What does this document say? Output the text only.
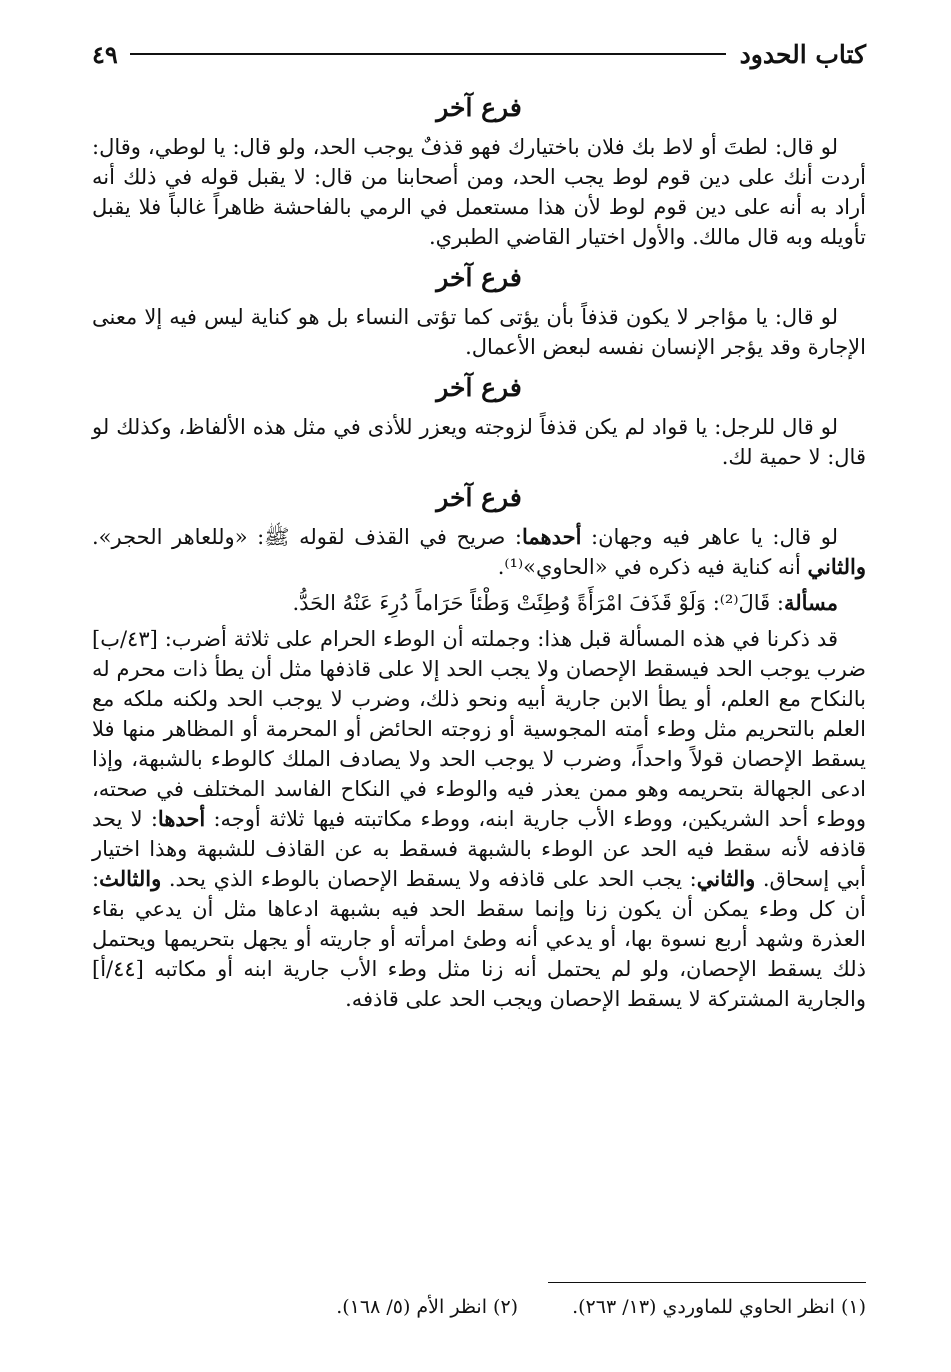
كتاب الحدود
٤٩
فرع آخر

لو قال: لطتَ أو لاط بك فلان باختيارك فهو قذفٌ يوجب الحد، ولو قال: يا لوطي، وقال: أردت أنك على دين قوم لوط يجب الحد، ومن أصحابنا من قال: لا يقبل قوله في ذلك أنه أراد به أنه على دين قوم لوط لأن هذا مستعمل في الرمي بالفاحشة ظاهراً غالباً فلا يقبل تأويله وبه قال مالك. والأول اختيار القاضي الطبري.

فرع آخر

لو قال: يا مؤاجر لا يكون قذفاً بأن يؤتى كما تؤتى النساء بل هو كناية ليس فيه إلا معنى الإجارة وقد يؤجر الإنسان نفسه لبعض الأعمال.

فرع آخر

لو قال للرجل: يا قواد لم يكن قذفاً لزوجته ويعزر للأذى في مثل هذه الألفاظ، وكذلك لو قال: لا حمية لك.

فرع آخر

لو قال: يا عاهر فيه وجهان: أحدهما: صريح في القذف لقوله ﷺ: «وللعاهر الحجر». والثاني أنه كناية فيه ذكره في «الحاوي»⁽¹⁾.

مسألة: قَالَ⁽²⁾: وَلَوْ قَذَفَ امْرَأَةً وُطِئَتْ وَطْئاً حَرَاماً دُرِءَ عَنْهُ الحَدُّ.

قد ذكرنا في هذه المسألة قبل هذا: وجملته أن الوطء الحرام على ثلاثة أضرب: [٤٣/ب] ضرب يوجب الحد فيسقط الإحصان ولا يجب الحد إلا على قاذفها مثل أن يطأ ذات محرم له بالنكاح مع العلم، أو يطأ الابن جارية أبيه ونحو ذلك، وضرب لا يوجب الحد ولكنه ملكه مع العلم بالتحريم مثل وطء أمته المجوسية أو زوجته الحائض أو المحرمة أو المظاهر منها فلا يسقط الإحصان قولاً واحداً، وضرب لا يوجب الحد ولا يصادف الملك كالوطء بالشبهة، وإذا ادعى الجهالة بتحريمه وهو ممن يعذر فيه والوطء في النكاح الفاسد المختلف في صحته، ووطء أحد الشريكين، ووطء الأب جارية ابنه، ووطء مكاتبته فيها ثلاثة أوجه: أحدها: لا يحد قاذفه لأنه سقط فيه الحد عن الوطء بالشبهة فسقط به عن القاذف للشبهة وهذا اختيار أبي إسحاق. والثاني: يجب الحد على قاذفه ولا يسقط الإحصان بالوطء الذي يحد. والثالث: أن كل وطء يمكن أن يكون زنا وإنما سقط الحد فيه بشبهة ادعاها مثل أن يدعي بقاء العذرة وشهد أربع نسوة بها، أو يدعي أنه وطئ امرأته أو جاريته أو يجهل بتحريمها ويحتمل ذلك يسقط الإحصان، ولو لم يحتمل أنه زنا مثل وطء الأب جارية ابنه أو مكاتبه [٤٤/أ] والجارية المشتركة لا يسقط الإحصان ويجب الحد على قاذفه.

(١) انظر الحاوي للماوردي (١٣/ ٢٦٣).(٢) انظر الأم (٥/ ١٦٨).
